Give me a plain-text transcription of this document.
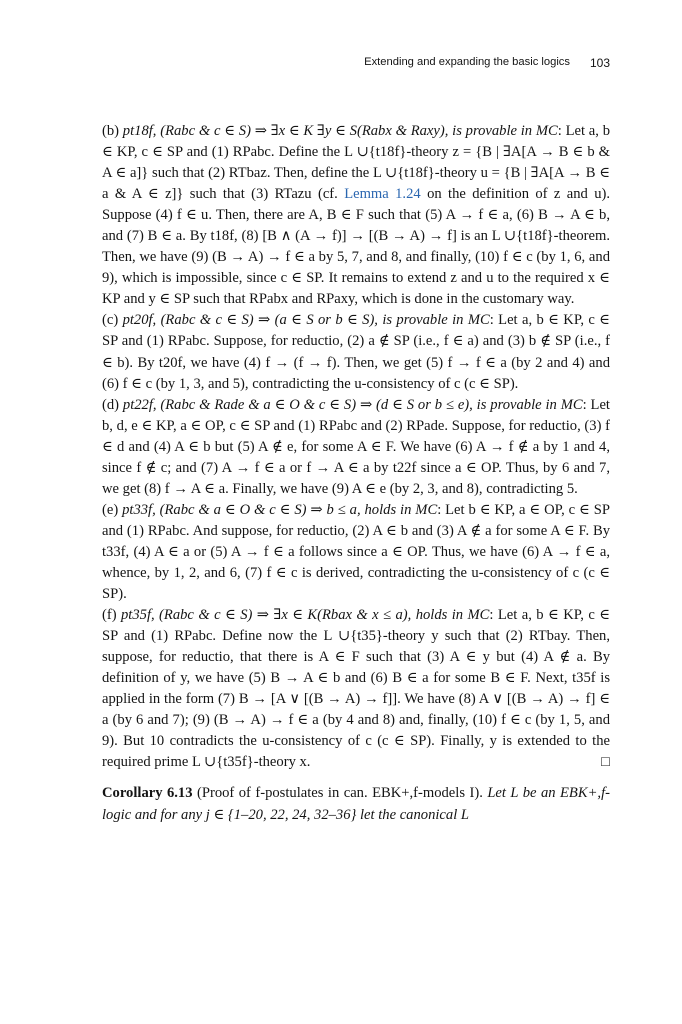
Extending and expanding the basic logics 103

(b) pt18f, (Rabc & c ∈ S) ⇒ ∃x ∈ K ∃y ∈ S(Rabx & Raxy), is provable in MC: Let a, b ∈ KP, c ∈ SP and (1) RPabc. Define the L ∪{t18f}-theory z = {B | ∃A[A → B ∈ b & A ∈ a]} such that (2) RTbaz. Then, define the L ∪{t18f}-theory u = {B | ∃A[A → B ∈ a & A ∈ z]} such that (3) RTazu (cf. Lemma 1.24 on the definition of z and u). Suppose (4) f ∈ u. Then, there are A, B ∈ F such that (5) A → f ∈ a, (6) B → A ∈ b, and (7) B ∈ a. By t18f, (8) [B ∧ (A → f)] → [(B → A) → f] is an L ∪{t18f}-theorem. Then, we have (9) (B → A) → f ∈ a by 5, 7, and 8, and finally, (10) f ∈ c (by 1, 6, and 9), which is impossible, since c ∈ SP. It remains to extend z and u to the required x ∈ KP and y ∈ SP such that RPabx and RPaxy, which is done in the customary way.

(c) pt20f, (Rabc & c ∈ S) ⇒ (a ∈ S or b ∈ S), is provable in MC: Let a, b ∈ KP, c ∈ SP and (1) RPabc. Suppose, for reductio, (2) a ∉ SP (i.e., f ∈ a) and (3) b ∉ SP (i.e., f ∈ b). By t20f, we have (4) f → (f → f). Then, we get (5) f → f ∈ a (by 2 and 4) and (6) f ∈ c (by 1, 3, and 5), contradicting the u-consistency of c (c ∈ SP).

(d) pt22f, (Rabc & Rade & a ∈ O & c ∈ S) ⇒ (d ∈ S or b ≤ e), is provable in MC: Let b, d, e ∈ KP, a ∈ OP, c ∈ SP and (1) RPabc and (2) RPade. Suppose, for reductio, (3) f ∈ d and (4) A ∈ b but (5) A ∉ e, for some A ∈ F. We have (6) A → f ∉ a by 1 and 4, since f ∉ c; and (7) A → f ∈ a or f → A ∈ a by t22f since a ∈ OP. Thus, by 6 and 7, we get (8) f → A ∈ a. Finally, we have (9) A ∈ e (by 2, 3, and 8), contradicting 5.

(e) pt33f, (Rabc & a ∈ O & c ∈ S) ⇒ b ≤ a, holds in MC: Let b ∈ KP, a ∈ OP, c ∈ SP and (1) RPabc. And suppose, for reductio, (2) A ∈ b and (3) A ∉ a for some A ∈ F. By t33f, (4) A ∈ a or (5) A → f ∈ a follows since a ∈ OP. Thus, we have (6) A → f ∈ a, whence, by 1, 2, and 6, (7) f ∈ c is derived, contradicting the u-consistency of c (c ∈ SP).

(f) pt35f, (Rabc & c ∈ S) ⇒ ∃x ∈ K(Rbax & x ≤ a), holds in MC: Let a, b ∈ KP, c ∈ SP and (1) RPabc. Define now the L ∪{t35}-theory y such that (2) RTbay. Then, suppose, for reductio, that there is A ∈ F such that (3) A ∈ y but (4) A ∉ a. By definition of y, we have (5) B → A ∈ b and (6) B ∈ a for some B ∈ F. Next, t35f is applied in the form (7) B → [A ∨ [(B → A) → f]]. We have (8) A ∨ [(B → A) → f] ∈ a (by 6 and 7); (9) (B → A) → f ∈ a (by 4 and 8) and, finally, (10) f ∈ c (by 1, 5, and 9). But 10 contradicts the u-consistency of c (c ∈ SP). Finally, y is extended to the required prime L ∪{t35f}-theory x.	□

Corollary 6.13 (Proof of f-postulates in can. EBK+,f-models I). Let L be an EBK+,f-logic and for any j ∈ {1–20, 22, 24, 32–36} let the canonical L
